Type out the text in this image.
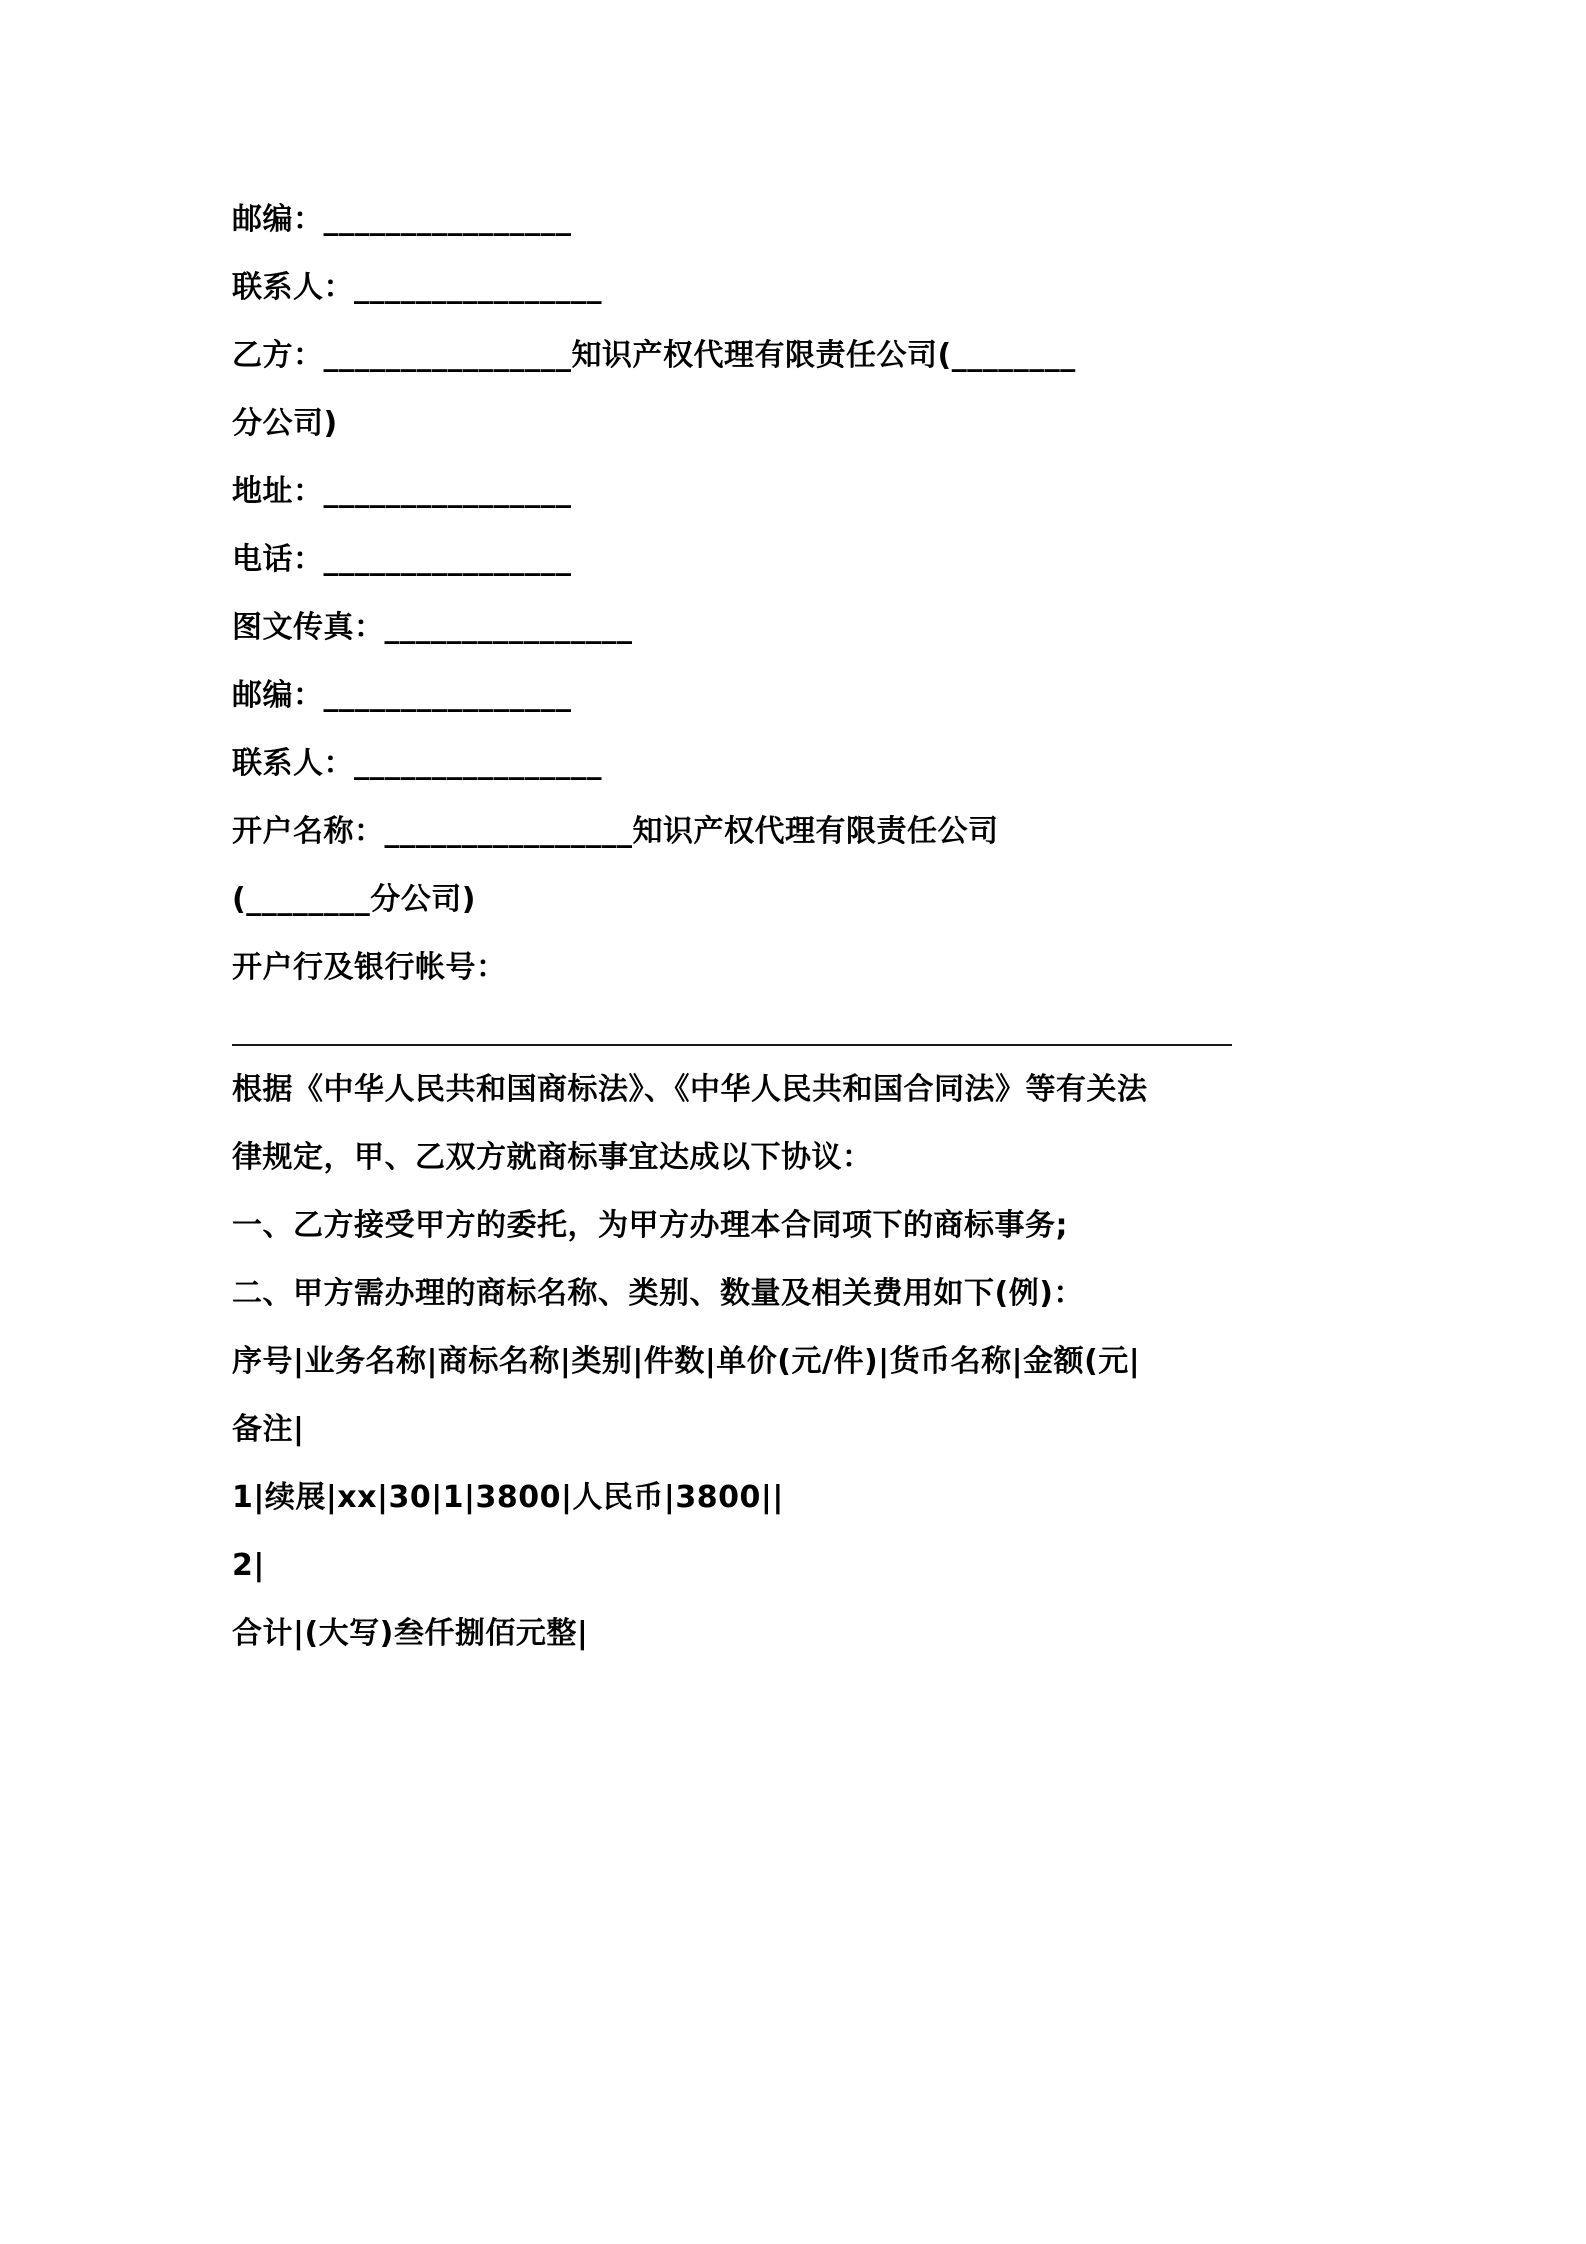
邮编：________________
联系人：________________
乙方：________________知识产权代理有限责任公司(________
分公司)
地址：________________
电话：________________
图文传真：________________
邮编：________________
联系人：________________
开户名称：________________知识产权代理有限责任公司
(________分公司)
开户行及银行帐号：
根据《中华人民共和国商标法》、《中华人民共和国合同法》等有关法
律规定，甲、乙双方就商标事宜达成以下协议：
一、乙方接受甲方的委托，为甲方办理本合同项下的商标事务;
二、甲方需办理的商标名称、类别、数量及相关费用如下(例)：
序号|业务名称|商标名称|类别|件数|单价(元/件)|货币名称|金额(元|
备注|
1|续展|xx|30|1|3800|人民币|3800||
2|
合计|(大写)叁仟捌佰元整|
